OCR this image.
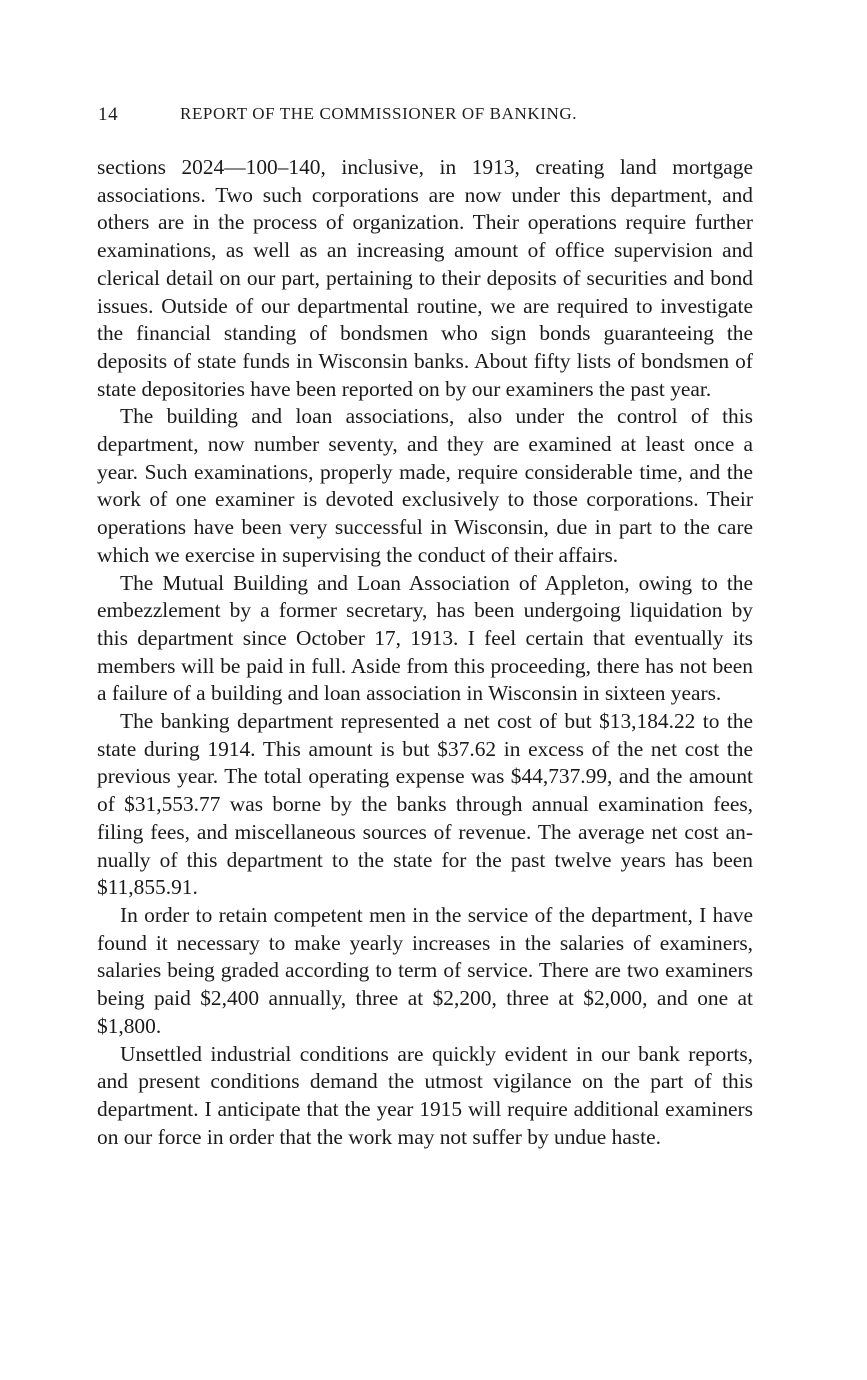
14	REPORT OF THE COMMISSIONER OF BANKING.

sections 2024—100–140, inclusive, in 1913, creating land mortgage associations. Two such corporations are now under this department, and others are in the process of organization. Their operations require further examinations, as well as an increasing amount of office supervision and clerical detail on our part, pertaining to their deposits of securities and bond issues. Outside of our departmental routine, we are required to investigate the financial standing of bondsmen who sign bonds guaranteeing the deposits of state funds in Wisconsin banks. About fifty lists of bondsmen of state depositories have been reported on by our examiners the past year.

The building and loan associations, also under the control of this department, now number seventy, and they are examined at least once a year. Such examinations, properly made, require considerable time, and the work of one examiner is devoted exclusively to those corporations. Their operations have been very successful in Wisconsin, due in part to the care which we exercise in supervising the conduct of their affairs.

The Mutual Building and Loan Association of Appleton, owing to the embezzlement by a former secretary, has been undergoing liquidation by this department since October 17, 1913. I feel certain that eventually its members will be paid in full. Aside from this proceeding, there has not been a failure of a building and loan association in Wisconsin in sixteen years.

The banking department represented a net cost of but $13,184.22 to the state during 1914. This amount is but $37.62 in excess of the net cost the previous year. The total operating expense was $44,737.99, and the amount of $31,553.77 was borne by the banks through annual examination fees, filing fees, and miscellaneous sources of revenue. The average net cost annually of this department to the state for the past twelve years has been $11,855.91.

In order to retain competent men in the service of the department, I have found it necessary to make yearly increases in the salaries of examiners, salaries being graded according to term of service. There are two examiners being paid $2,400 annually, three at $2,200, three at $2,000, and one at $1,800.

Unsettled industrial conditions are quickly evident in our bank reports, and present conditions demand the utmost vigilance on the part of this department. I anticipate that the year 1915 will require additional examiners on our force in order that the work may not suffer by undue haste.
